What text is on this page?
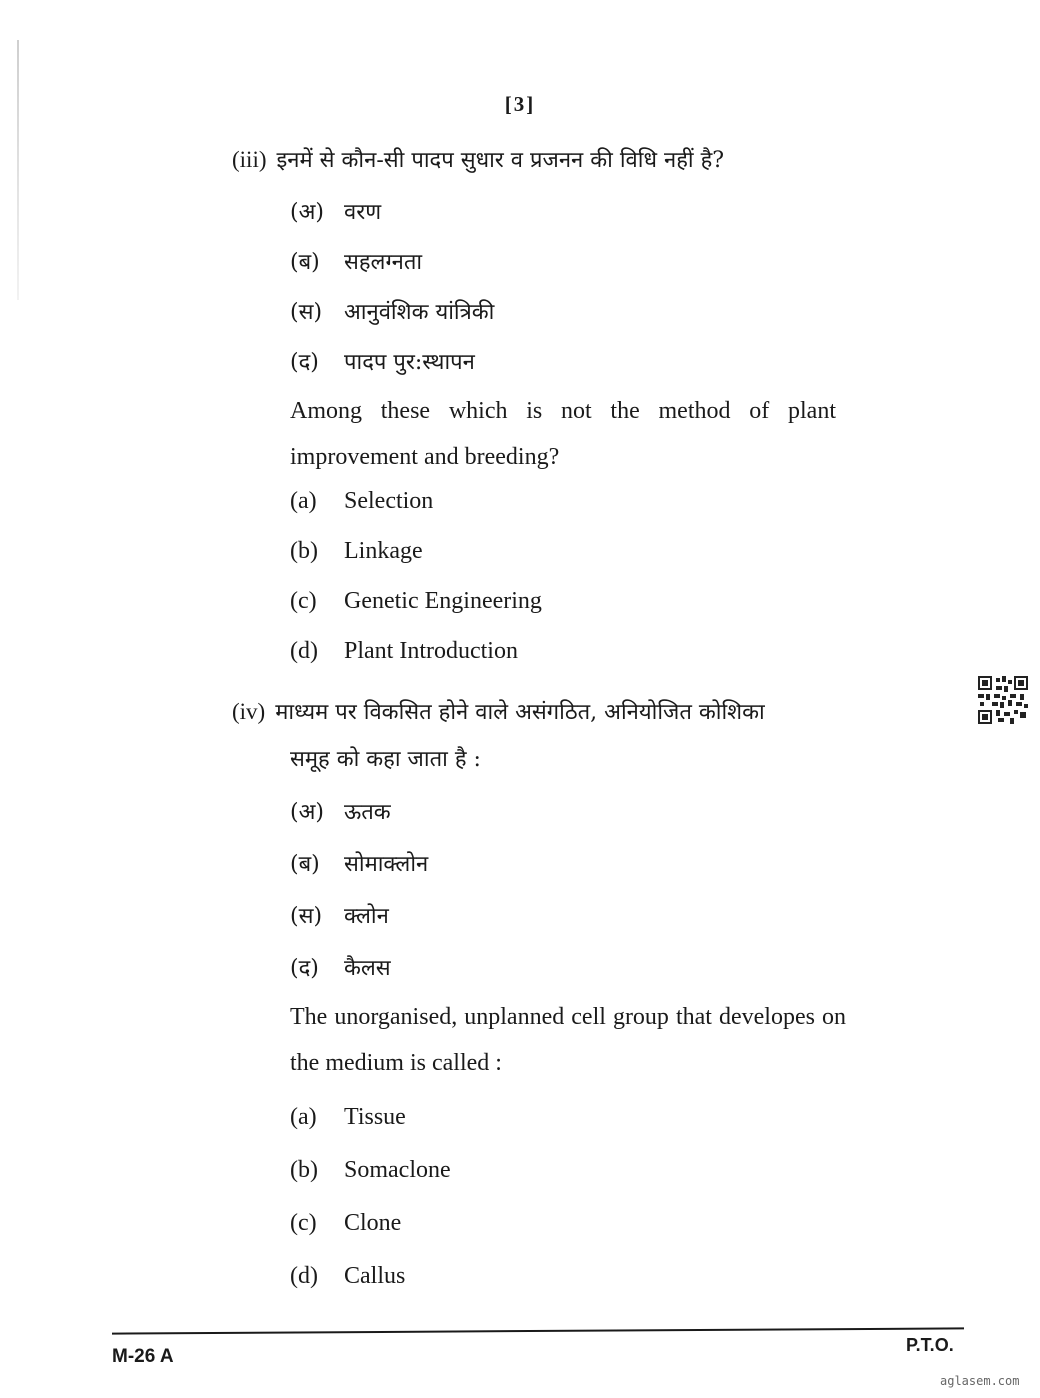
[3]
(iii) इनमें से कौन-सी पादप सुधार व प्रजनन की विधि नहीं है?
(अ) वरण
(ब) सहलग्नता
(स) आनुवंशिक यांत्रिकी
(द) पादप पुर:स्थापन
Among these which is not the method of plant improvement and breeding?
(a) Selection
(b) Linkage
(c) Genetic Engineering
(d) Plant Introduction
(iv) माध्यम पर विकसित होने वाले असंगठित, अनियोजित कोशिका
समूह को कहा जाता है :
(अ) ऊतक
(ब) सोमाक्लोन
(स) क्लोन
(द) कैलस
The unorganised, unplanned cell group that developes on the medium is called :
(a) Tissue
(b) Somaclone
(c) Clone
(d) Callus
M-26 A
P.T.O.
aglasem.com
